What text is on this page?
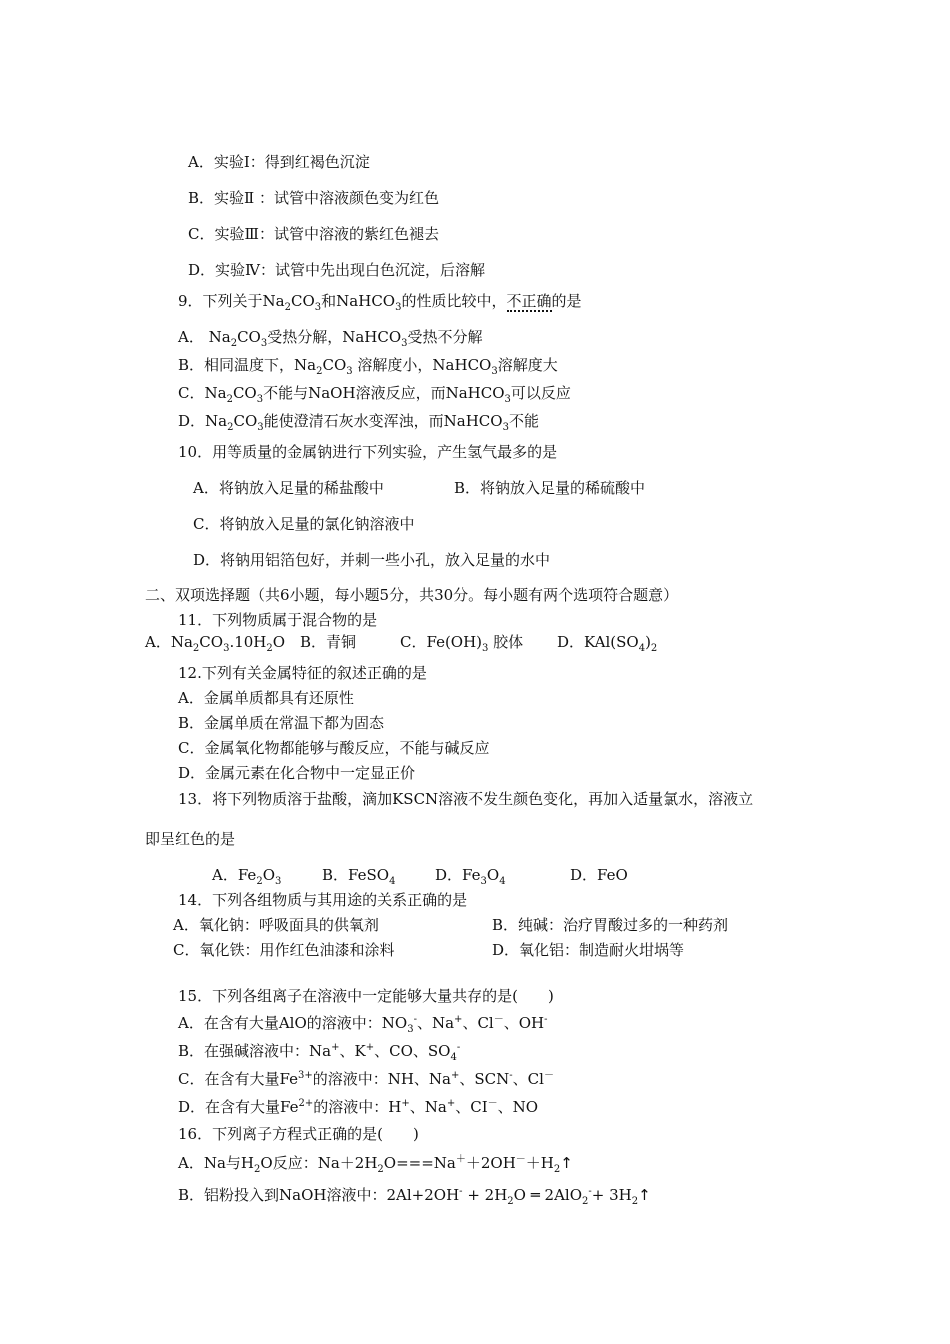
A．实验Ⅰ：得到红褐色沉淀
B．实验Ⅱ ：试管中溶液颜色变为红色
C．实验Ⅲ：试管中溶液的紫红色褪去
D．实验Ⅳ：试管中先出现白色沉淀，后溶解
9．下列关于$Na_2CO_3$和NaHCO$_3$的性质比较中，不正确的是
A． $Na_2CO_3$受热分解，NaHCO$_3$受热不分解
B．相同温度下，$Na_2CO_3$ 溶解度小，NaHCO$_3$溶解度大
C．$Na_2CO_3$不能与NaOH溶液反应，而NaHCO$_3$可以反应
D．$Na_2CO_3$能使澄清石灰水变浑浊，而NaHCO$_3$不能
10．用等质量的金属钠进行下列实验，产生氢气最多的是
A．将钠放入足量的稀盐酸中	B．将钠放入足量的稀硫酸中
C．将钠放入足量的氯化钠溶液中
D．将钠用铝箔包好，并刺一些小孔，放入足量的水中
二、双项选择题（共6小题，每小题5分，共30分。每小题有两个选项符合题意）
11．下列物质属于混合物的是
A．$Na_2CO_3.10H_2O$ B．青铜	C．$Fe(OH)_3$ 胶体 D．$KAl(SO_4)_2$
12.下列有关金属特征的叙述正确的是
A．金属单质都具有还原性
B．金属单质在常温下都为固态
C．金属氧化物都能够与酸反应，不能与碱反应
D．金属元素在化合物中一定显正价
13．将下列物质溶于盐酸，滴加KSCN溶液不发生颜色变化，再加入适量氯水，溶液立
即呈红色的是
A．$Fe_2O_3$	B．FeSO$_4$	D．$Fe_3O_4$	D．FeO
14．下列各组物质与其用途的关系正确的是
A．氧化钠：呼吸面具的供氧剂	B．纯碱：治疗胃酸过多的一种药剂
C．氧化铁：用作红色油漆和涂料	D．氧化铝：制造耐火坩埚等
15．下列各组离子在溶液中一定能够大量共存的是(　　)
A．在含有大量AlO的溶液中：$NO_3^-$、Na+、Cl－、OH-
B．在强碱溶液中：Na+、K+、CO、$SO_4^-$
C．在含有大量$Fe^{3+}$的溶液中：NH、Na+、SCN-、Cl－
D．在含有大量$Fe^{2+}$的溶液中：H+、Na+、CI－、NO
16．下列离子方程式正确的是(　　)
A．Na与$H_2O$反应：$Na+2H_2O===Na^++2OH^-+H_2↑$
B．铝粉投入到NaOH溶液中：$2Al+2OH^- + 2H_2O$ ═ $2AlO_2^-+ 3H_2↑$
